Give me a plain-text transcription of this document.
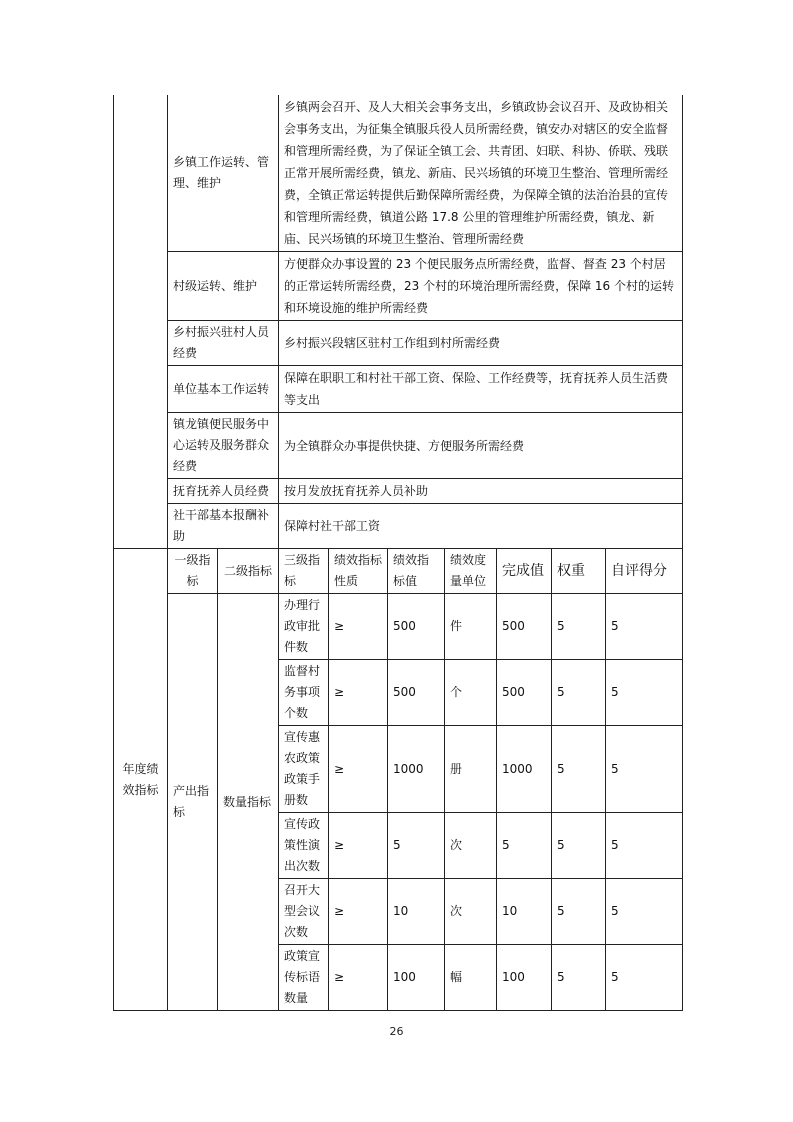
	乡镇工作运转、管理、维护	乡镇两会召开、及人大相关会事务支出，乡镇政协会议召开、及政协相关会事务支出，为征集全镇服兵役人员所需经费，镇安办对辖区的安全监督和管理所需经费，为了保证全镇工会、共青团、妇联、科协、侨联、残联正常开展所需经费，镇龙、新庙、民兴场镇的环境卫生整治、管理所需经费，全镇正常运转提供后勤保障所需经费，为保障全镇的法治治县的宣传和管理所需经费，镇道公路 17.8 公里的管理维护所需经费，镇龙、新庙、民兴场镇的环境卫生整治、管理所需经费
	村级运转、维护	方便群众办事设置的 23 个便民服务点所需经费，监督、督查 23 个村居的正常运转所需经费，23 个村的环境治理所需经费，保障 16 个村的运转和环境设施的维护所需经费
	乡村振兴驻村人员经费	乡村振兴段辖区驻村工作组到村所需经费
	单位基本工作运转	保障在职职工和村社干部工资、保险、工作经费等，抚育抚养人员生活费等支出
	镇龙镇便民服务中心运转及服务群众经费	为全镇群众办事提供快捷、方便服务所需经费
	抚育抚养人员经费	按月发放抚育抚养人员补助
	社干部基本报酬补助	保障村社干部工资
年度绩效指标	一级指标	二级指标	三级指标	绩效指标性质	绩效指标值	绩效度量单位	完成值	权重	自评得分
	产出指标	数量指标	办理行政审批件数	≥	500	件	500	5	5
			监督村务事项个数	≥	500	个	500	5	5
			宣传惠农政策政策手册数	≥	1000	册	1000	5	5
			宣传政策性演出次数	≥	5	次	5	5	5
			召开大型会议次数	≥	10	次	10	5	5
			政策宣传标语数量	≥	100	幅	100	5	5
26
